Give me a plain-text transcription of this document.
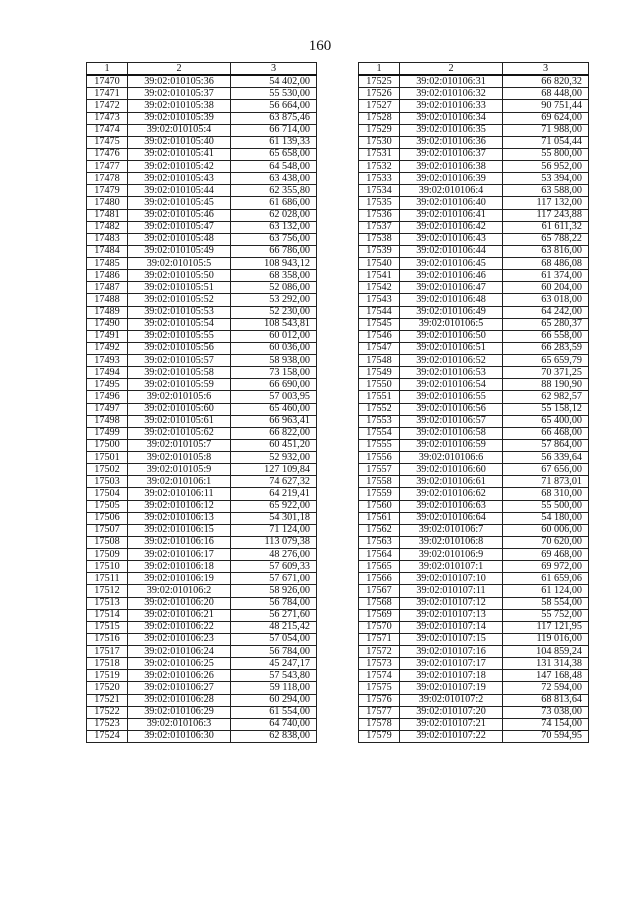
160
1	2	3
17470	39:02:010105:36	54 402,00
17471	39:02:010105:37	55 530,00
17472	39:02:010105:38	56 664,00
17473	39:02:010105:39	63 875,46
17474	39:02:010105:4	66 714,00
17475	39:02:010105:40	61 139,33
17476	39:02:010105:41	65 658,00
17477	39:02:010105:42	64 548,00
17478	39:02:010105:43	63 438,00
17479	39:02:010105:44	62 355,80
17480	39:02:010105:45	61 686,00
17481	39:02:010105:46	62 028,00
17482	39:02:010105:47	63 132,00
17483	39:02:010105:48	63 756,00
17484	39:02:010105:49	66 786,00
17485	39:02:010105:5	108 943,12
17486	39:02:010105:50	68 358,00
17487	39:02:010105:51	52 086,00
17488	39:02:010105:52	53 292,00
17489	39:02:010105:53	52 230,00
17490	39:02:010105:54	108 543,81
17491	39:02:010105:55	60 012,00
17492	39:02:010105:56	60 036,00
17493	39:02:010105:57	58 938,00
17494	39:02:010105:58	73 158,00
17495	39:02:010105:59	66 690,00
17496	39:02:010105:6	57 003,95
17497	39:02:010105:60	65 460,00
17498	39:02:010105:61	66 963,41
17499	39:02:010105:62	66 822,00
17500	39:02:010105:7	60 451,20
17501	39:02:010105:8	52 932,00
17502	39:02:010105:9	127 109,84
17503	39:02:010106:1	74 627,32
17504	39:02:010106:11	64 219,41
17505	39:02:010106:12	65 922,00
17506	39:02:010106:13	54 301,18
17507	39:02:010106:15	71 124,00
17508	39:02:010106:16	113 079,38
17509	39:02:010106:17	48 276,00
17510	39:02:010106:18	57 609,33
17511	39:02:010106:19	57 671,00
17512	39:02:010106:2	58 926,00
17513	39:02:010106:20	56 784,00
17514	39:02:010106:21	56 271,60
17515	39:02:010106:22	48 215,42
17516	39:02:010106:23	57 054,00
17517	39:02:010106:24	56 784,00
17518	39:02:010106:25	45 247,17
17519	39:02:010106:26	57 543,80
17520	39:02:010106:27	59 118,00
17521	39:02:010106:28	60 294,00
17522	39:02:010106:29	61 554,00
17523	39:02:010106:3	64 740,00
17524	39:02:010106:30	62 838,00
1	2	3
17525	39:02:010106:31	66 820,32
17526	39:02:010106:32	68 448,00
17527	39:02:010106:33	90 751,44
17528	39:02:010106:34	69 624,00
17529	39:02:010106:35	71 988,00
17530	39:02:010106:36	71 054,44
17531	39:02:010106:37	55 800,00
17532	39:02:010106:38	56 952,00
17533	39:02:010106:39	53 394,00
17534	39:02:010106:4	63 588,00
17535	39:02:010106:40	117 132,00
17536	39:02:010106:41	117 243,88
17537	39:02:010106:42	61 611,32
17538	39:02:010106:43	65 788,22
17539	39:02:010106:44	63 816,00
17540	39:02:010106:45	68 486,08
17541	39:02:010106:46	61 374,00
17542	39:02:010106:47	60 204,00
17543	39:02:010106:48	63 018,00
17544	39:02:010106:49	64 242,00
17545	39:02:010106:5	65 280,37
17546	39:02:010106:50	66 558,00
17547	39:02:010106:51	66 283,59
17548	39:02:010106:52	65 659,79
17549	39:02:010106:53	70 371,25
17550	39:02:010106:54	88 190,90
17551	39:02:010106:55	62 982,57
17552	39:02:010106:56	55 158,12
17553	39:02:010106:57	65 400,00
17554	39:02:010106:58	66 468,00
17555	39:02:010106:59	57 864,00
17556	39:02:010106:6	56 339,64
17557	39:02:010106:60	67 656,00
17558	39:02:010106:61	71 873,01
17559	39:02:010106:62	68 310,00
17560	39:02:010106:63	55 500,00
17561	39:02:010106:64	54 180,00
17562	39:02:010106:7	60 006,00
17563	39:02:010106:8	70 620,00
17564	39:02:010106:9	69 468,00
17565	39:02:010107:1	69 972,00
17566	39:02:010107:10	61 659,06
17567	39:02:010107:11	61 124,00
17568	39:02:010107:12	58 554,00
17569	39:02:010107:13	55 752,00
17570	39:02:010107:14	117 121,95
17571	39:02:010107:15	119 016,00
17572	39:02:010107:16	104 859,24
17573	39:02:010107:17	131 314,38
17574	39:02:010107:18	147 168,48
17575	39:02:010107:19	72 594,00
17576	39:02:010107:2	68 813,64
17577	39:02:010107:20	73 038,00
17578	39:02:010107:21	74 154,00
17579	39:02:010107:22	70 594,95
